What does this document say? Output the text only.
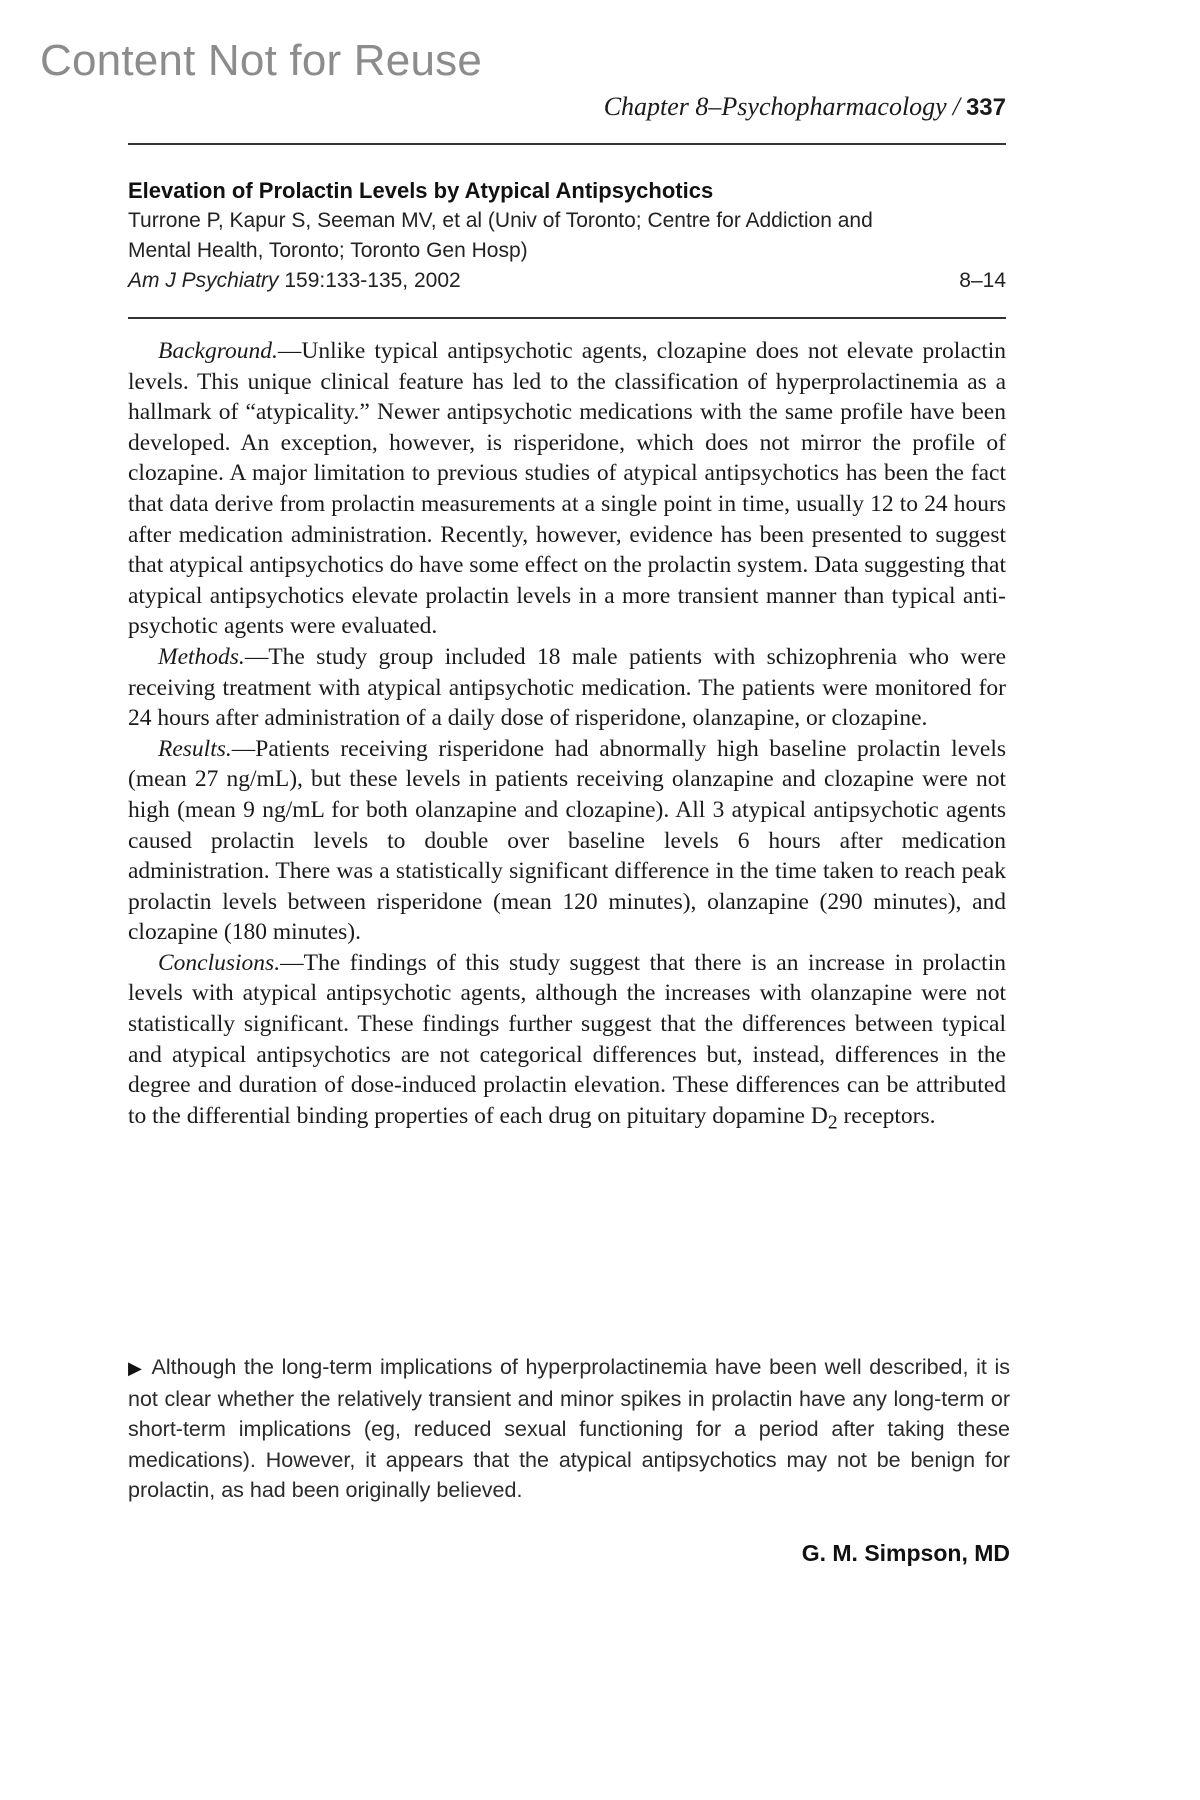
Content Not for Reuse
Chapter 8–Psychopharmacology / 337
Elevation of Prolactin Levels by Atypical Antipsychotics
Turrone P, Kapur S, Seeman MV, et al (Univ of Toronto; Centre for Addiction and
Mental Health, Toronto; Toronto Gen Hosp)
Am J Psychiatry 159:133-135, 2002	8–14

Background.—Unlike typical antipsychotic agents, clozapine does not elevate prolactin levels. This unique clinical feature has led to the classification of hyperprolactinemia as a hallmark of “atypicality.” Newer antipsychotic medications with the same profile have been developed. An exception, however, is risperidone, which does not mirror the profile of clozapine. A major limitation to previous studies of atypical antipsychotics has been the fact that data derive from prolactin measurements at a single point in time, usually 12 to 24 hours after medication administration. Recently, however, evidence has been presented to suggest that atypical antipsychotics do have some effect on the prolactin system. Data suggesting that atypical antipsychotics elevate prolactin levels in a more transient manner than typical antipsychotic agents were evaluated.

Methods.—The study group included 18 male patients with schizophrenia who were receiving treatment with atypical antipsychotic medication. The patients were monitored for 24 hours after administration of a daily dose of risperidone, olanzapine, or clozapine.

Results.—Patients receiving risperidone had abnormally high baseline prolactin levels (mean 27 ng/mL), but these levels in patients receiving olanzapine and clozapine were not high (mean 9 ng/mL for both olanzapine and clozapine). All 3 atypical antipsychotic agents caused prolactin levels to double over baseline levels 6 hours after medication administration. There was a statistically significant difference in the time taken to reach peak prolactin levels between risperidone (mean 120 minutes), olanzapine (290 minutes), and clozapine (180 minutes).

Conclusions.—The findings of this study suggest that there is an increase in prolactin levels with atypical antipsychotic agents, although the increases with olanzapine were not statistically significant. These findings further suggest that the differences between typical and atypical antipsychotics are not categorical differences but, instead, differences in the degree and duration of dose-induced prolactin elevation. These differences can be attributed to the differential binding properties of each drug on pituitary dopamine $D_2$ receptors.

▶ Although the long-term implications of hyperprolactinemia have been well described, it is not clear whether the relatively transient and minor spikes in prolactin have any long-term or short-term implications (eg, reduced sexual functioning for a period after taking these medications). However, it appears that the atypical antipsychotics may not be benign for prolactin, as had been originally believed.
G. M. Simpson, MD
